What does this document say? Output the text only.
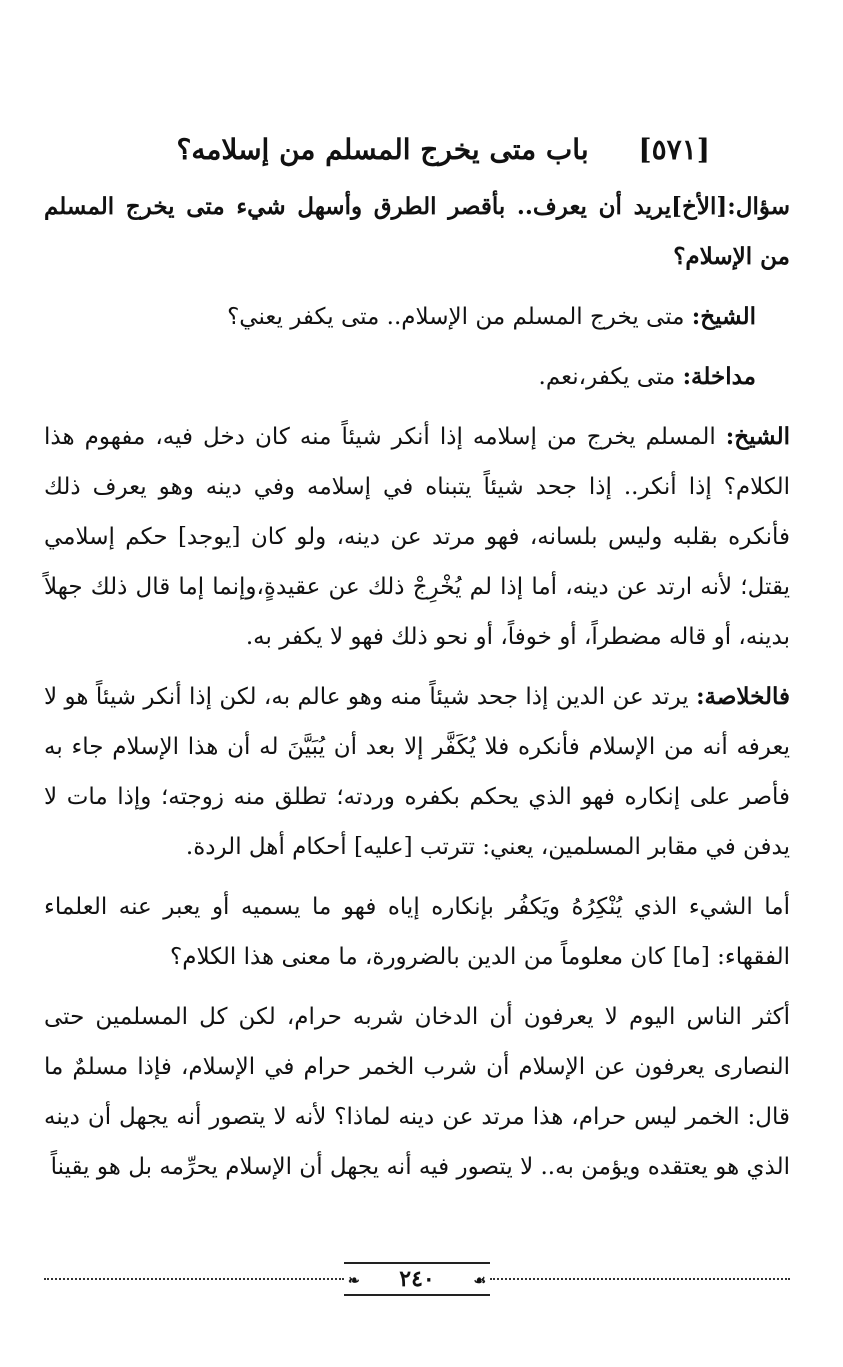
[٥٧١] باب متى يخرج المسلم من إسلامه؟

سؤال:[الأخ]يريد أن يعرف.. بأقصر الطرق وأسهل شيء متى يخرج المسلم من الإسلام؟

الشيخ: متى يخرج المسلم من الإسلام.. متى يكفر يعني؟

مداخلة: متى يكفر،نعم.

الشيخ: المسلم يخرج من إسلامه إذا أنكر شيئاً منه كان دخل فيه، مفهوم هذا الكلام؟ إذا أنكر.. إذا جحد شيئاً يتبناه في إسلامه وفي دينه وهو يعرف ذلك فأنكره بقلبه وليس بلسانه، فهو مرتد عن دينه، ولو كان [يوجد] حكم إسلامي يقتل؛ لأنه ارتد عن دينه، أما إذا لم يُخْرِجْ ذلك عن عقيدةٍ،وإنما إما قال ذلك جهلاً بدينه، أو قاله مضطراً، أو خوفاً، أو نحو ذلك فهو لا يكفر به.

فالخلاصة: يرتد عن الدين إذا جحد شيئاً منه وهو عالم به، لكن إذا أنكر شيئاً هو لا يعرفه أنه من الإسلام فأنكره فلا يُكَفَّر إلا بعد أن يُبَيَّنَ له أن هذا الإسلام جاء به فأصر على إنكاره فهو الذي يحكم بكفره وردته؛ تطلق منه زوجته؛ وإذا مات لا يدفن في مقابر المسلمين، يعني: تترتب [عليه] أحكام أهل الردة.

أما الشيء الذي يُنْكِرُهُ ويَكفُر بإنكاره إياه فهو ما يسميه أو يعبر عنه العلماء الفقهاء: [ما] كان معلوماً من الدين بالضرورة، ما معنى هذا الكلام؟

أكثر الناس اليوم لا يعرفون أن الدخان شربه حرام، لكن كل المسلمين حتى النصارى يعرفون عن الإسلام أن شرب الخمر حرام في الإسلام، فإذا مسلمٌ ما قال: الخمر ليس حرام، هذا مرتد عن دينه لماذا؟ لأنه لا يتصور أنه يجهل أن دينه الذي هو يعتقده ويؤمن به.. لا يتصور فيه أنه يجهل أن الإسلام يحرِّمه بل هو يقيناً

❧ ٢٤٠	☙
